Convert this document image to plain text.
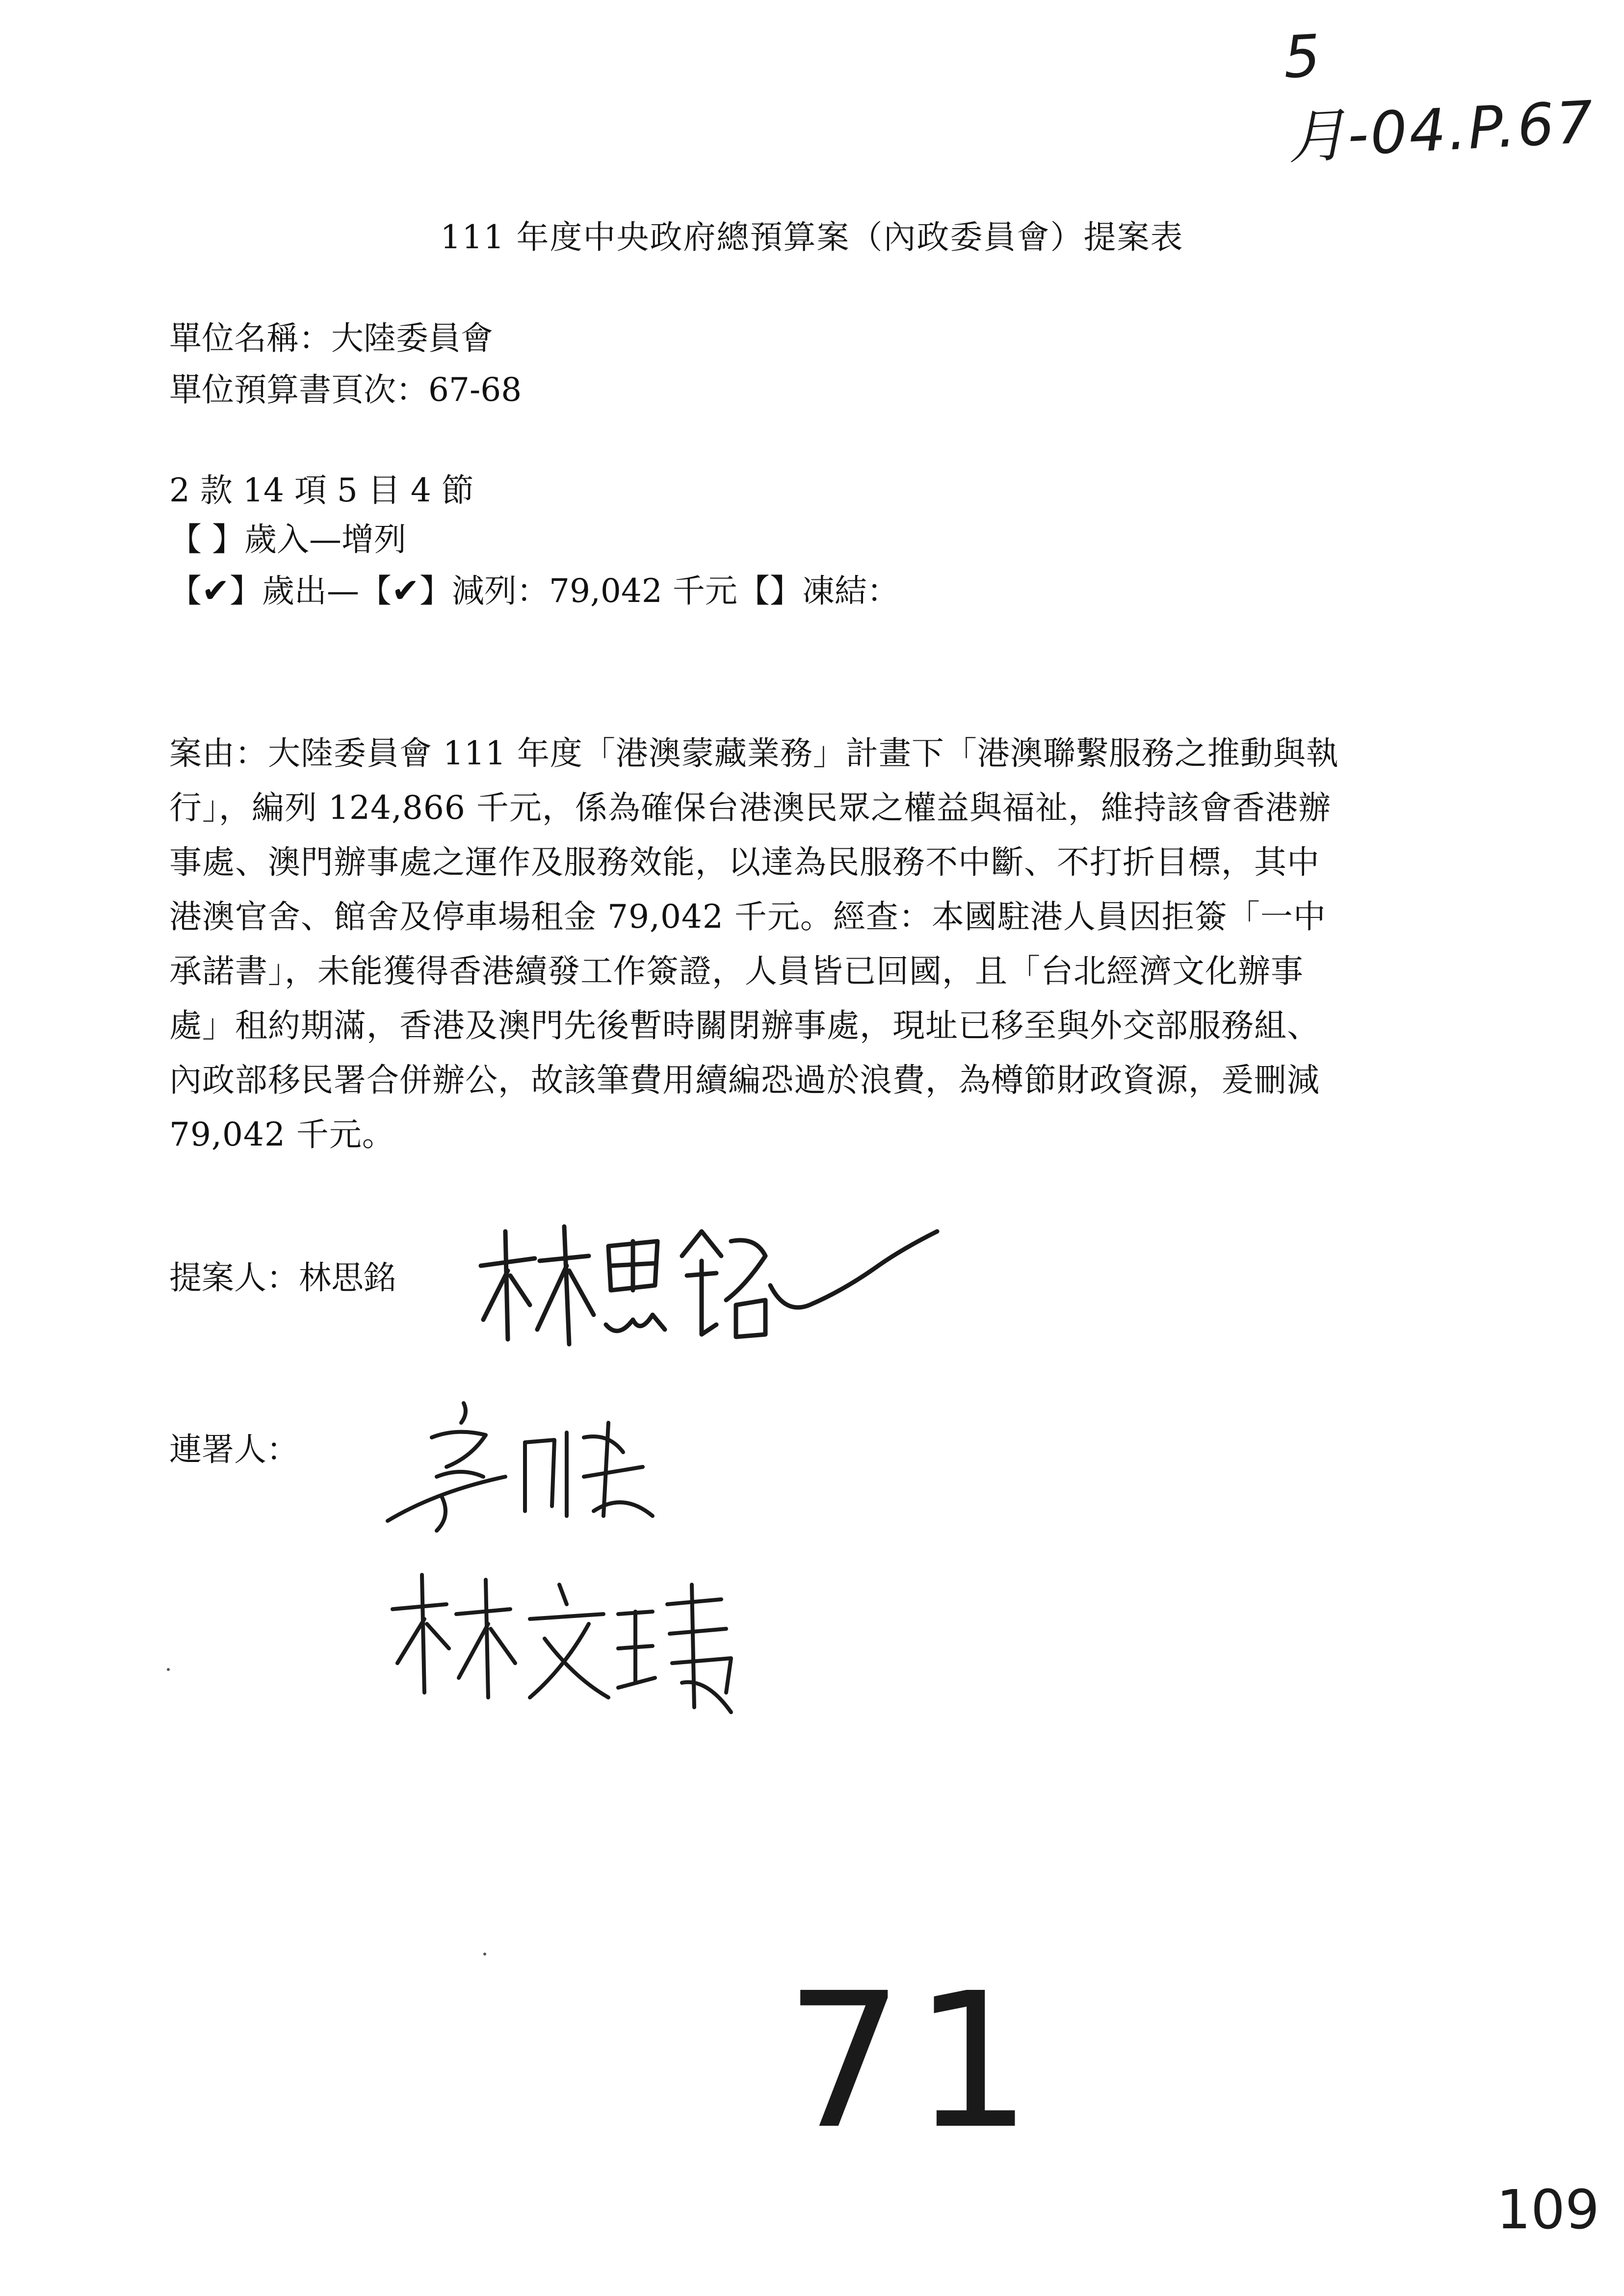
5月-04.P.67
111 年度中央政府總預算案（內政委員會）提案表
單位名稱：大陸委員會
單位預算書頁次：67-68
2 款 14 項 5 目 4 節
【 】歲入—增列
【✔】歲出—【✔】減列：79,042 千元【】凍結：
案由：大陸委員會 111 年度「港澳蒙藏業務」計畫下「港澳聯繫服務之推動與執
行」，編列 124,866 千元，係為確保台港澳民眾之權益與福祉，維持該會香港辦
事處、澳門辦事處之運作及服務效能，以達為民服務不中斷、不打折目標，其中
港澳官舍、館舍及停車場租金 79,042 千元。經查：本國駐港人員因拒簽「一中
承諾書」，未能獲得香港續發工作簽證，人員皆已回國，且「台北經濟文化辦事
處」租約期滿，香港及澳門先後暫時關閉辦事處，現址已移至與外交部服務組、
內政部移民署合併辦公，故該筆費用續編恐過於浪費，為樽節財政資源，爰刪減
79,042 千元。
提案人：林思銘
連署人：
71
109
